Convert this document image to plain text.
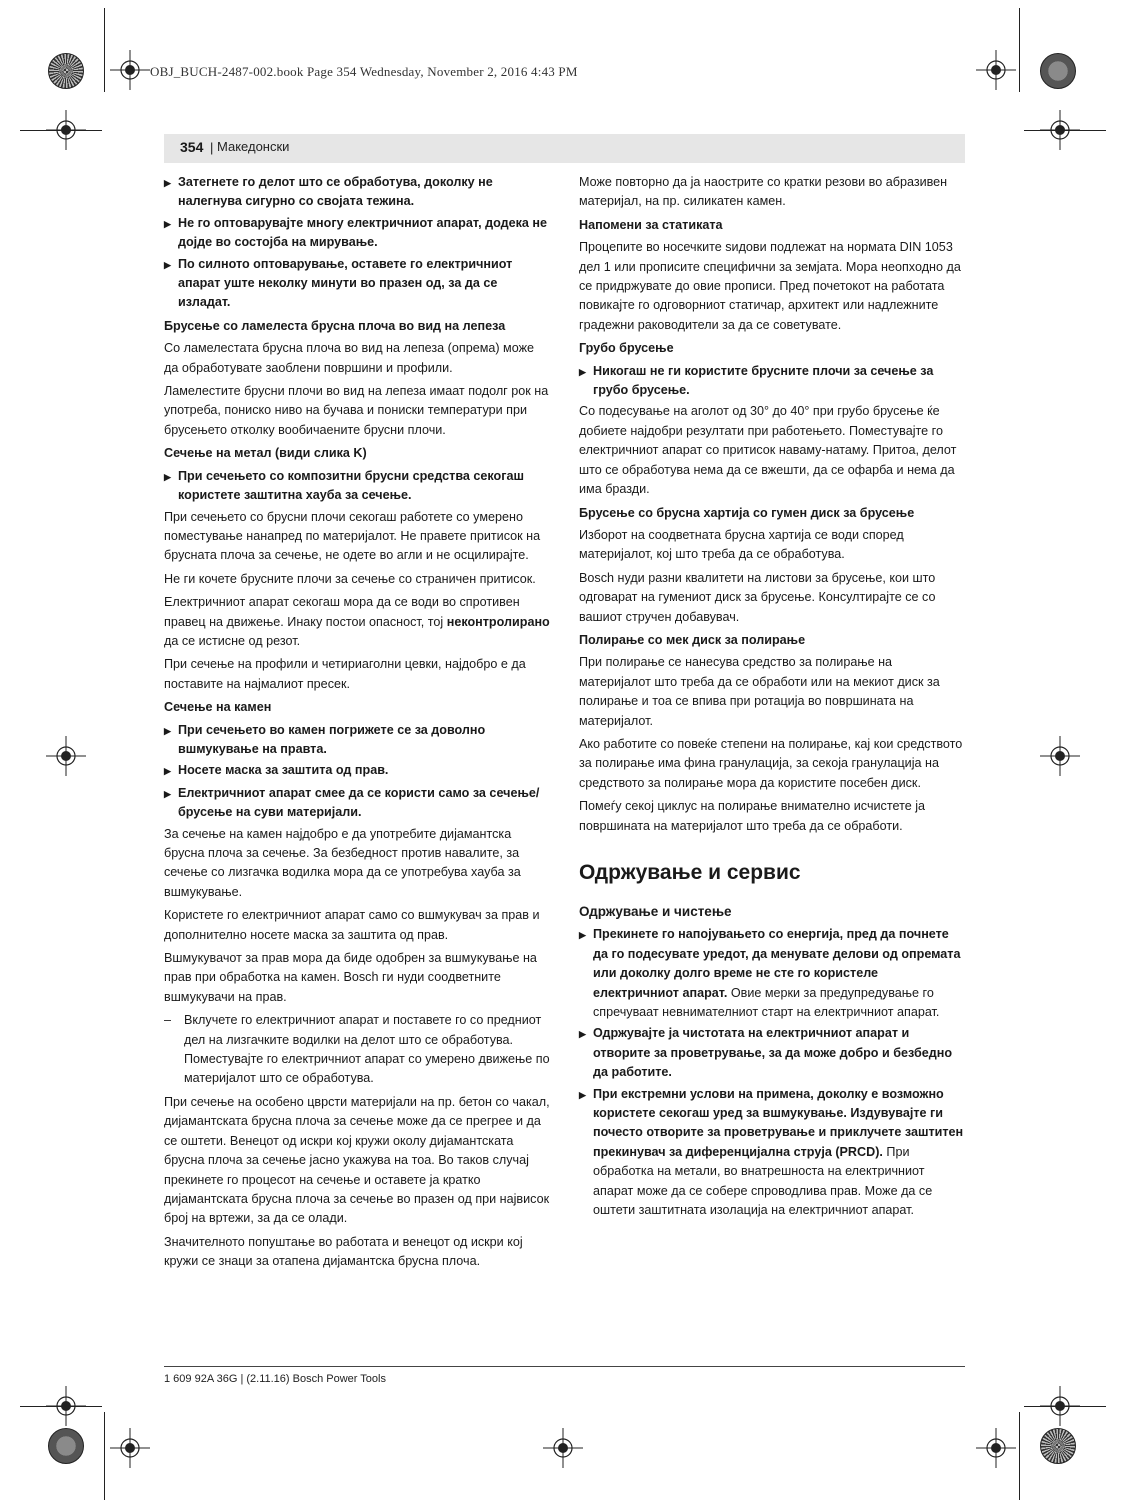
OBJ_BUCH-2487-002.book Page 354 Wednesday, November 2, 2016 4:43 PM
354 | Македонски
▶ Затегнете го делот што се обработува, доколку не налегнува сигурно со својата тежина.
▶ Не го оптоварувајте многу електричниот апарат, додека не дојде во состојба на мирување.
▶ По силното оптоварување, оставете го електричниот апарат уште неколку минути во празен од, за да се изладат.
Брусење со ламелеста брусна плоча во вид на лепеза

Со ламелестата брусна плоча во вид на лепеза (опрема) може да обработувате заоблени површини и профили.

Ламелестите брусни плочи во вид на лепеза имаат подолг рок на употреба, пониско ниво на бучава и пониски температури при брусењето отколку вообичаените брусни плочи.

Сечење на метал (види слика K)
▶ При сечењето со композитни брусни средства секогаш користете заштитна хауба за сечење.

При сечењето со брусни плочи секогаш работете со умерено поместување нанапред по материјалот. Не правете притисок на брусната плоча за сечење, не одете во агли и не осцилирајте.

Не ги кочете брусните плочи за сечење со страничен притисок.

Електричниот апарат секогаш мора да се води во спротивен правец на движење. Инаку постои опасност, тој неконтролирано да се истисне од резот.

При сечење на профили и четириаголни цевки, најдобро е да поставите на најмалиот пресек.

Сечење на камен
▶ При сечењето во камен погрижете се за доволно вшмукување на правта.
▶ Носете маска за заштита од прав.
▶ Електричниот апарат смее да се користи само за сечење/брусење на суви материјали.

За сечење на камен најдобро е да употребите дијамантска брусна плоча за сечење. За безбедност против навалите, за сечење со лизгачка водилка мора да се употребува хауба за вшмукување.

Користете го електричниот апарат само со вшмукувач за прав и дополнително носете маска за заштита од прав.

Вшмукувачот за прав мора да биде одобрен за вшмукување на прав при обработка на камен. Bosch ги нуди соодветните вшмукувачи на прав.

–	Вклучете го електричниот апарат и поставете го со предниот дел на лизгачките водилки на делот што се обработува. Поместувајте го електричниот апарат со умерено движење по материјалот што се обработува.

При сечење на особено цврсти материјали на пр. бетон со чакал, дијамантската брусна плоча за сечење може да се прегрее и да се оштети. Венецот од искри кој кружи околу дијамантската брусна плоча за сечење јасно укажува на тоа. Во таков случај прекинете го процесот на сечење и оставете ја кратко дијамантската брусна плоча за сечење во празен од при највисок број на вртежи, за да се олади.

Значителното попуштање во работата и венецот од искри кој кружи се знаци за отапена дијамантска брусна плоча.

Може повторно да ја наострите со кратки резови во абразивен материјал, на пр. силикатен камен.

Напомени за статиката

Процепите во носечките ѕидови подлежат на нормата DIN 1053 дел 1 или прописите специфични за земјата. Мора неопходно да се придржувате до овие прописи. Пред почетокот на работата повикајте го одговорниот статичар, архитект или надлежните градежни раководители за да се советувате.

Грубо брусење
▶ Никогаш не ги користите брусните плочи за сечење за грубо брусење.

Со подесување на аголот од 30° до 40° при грубо брусење ќе добиете најдобри резултати при работењето. Поместувајте го електричниот апарат со притисок наваму-натаму. Притоа, делот што се обработува нема да се вжешти, да се офарба и нема да има бразди.

Брусење со брусна хартија со гумен диск за брусење

Изборот на соодветната брусна хартија се води според материјалот, кој што треба да се обработува.

Bosch нуди разни квалитети на листови за брусење, кои што одговарат на гумениот диск за брусење. Консултирајте се со вашиот стручен добавувач.

Полирање со мек диск за полирање

При полирање се нанесува средство за полирање на материјалот што треба да се обработи или на мекиот диск за полирање и тоа се впива при ротација во површината на материјалот.

Ако работите со повеќе степени на полирање, кај кои средството за полирање има фина гранулација, за секоја гранулација на средството за полирање мора да користите посебен диск.

Помеѓу секој циклус на полирање внимателно исчистете ја површината на материјалот што треба да се обработи.

Одржување и сервис
Одржување и чистење
▶ Прекинете го напојувањето со енергија, пред да почнете да го подесувате уредот, да менувате делови од опремата или доколку долго време не сте го користеле електричниот апарат. Овие мерки за предупредување го спречуваат невнимателниот старт на електричниот апарат.
▶ Одржувајте ја чистотата на електричниот апарат и отворите за проветрување, за да може добро и безбедно да работите.
▶ При екстремни услови на примена, доколку е возможно користете секогаш уред за вшмукување. Издувувајте ги почесто отворите за проветрување и приклучете заштитен прекинувач за диференцијална струја (PRCD). При обработка на метали, во внатрешноста на електричниот апарат може да се собере спроводлива прав. Може да се оштети заштитната изолација на електричниот апарат.
1 609 92A 36G | (2.11.16) Bosch Power Tools
